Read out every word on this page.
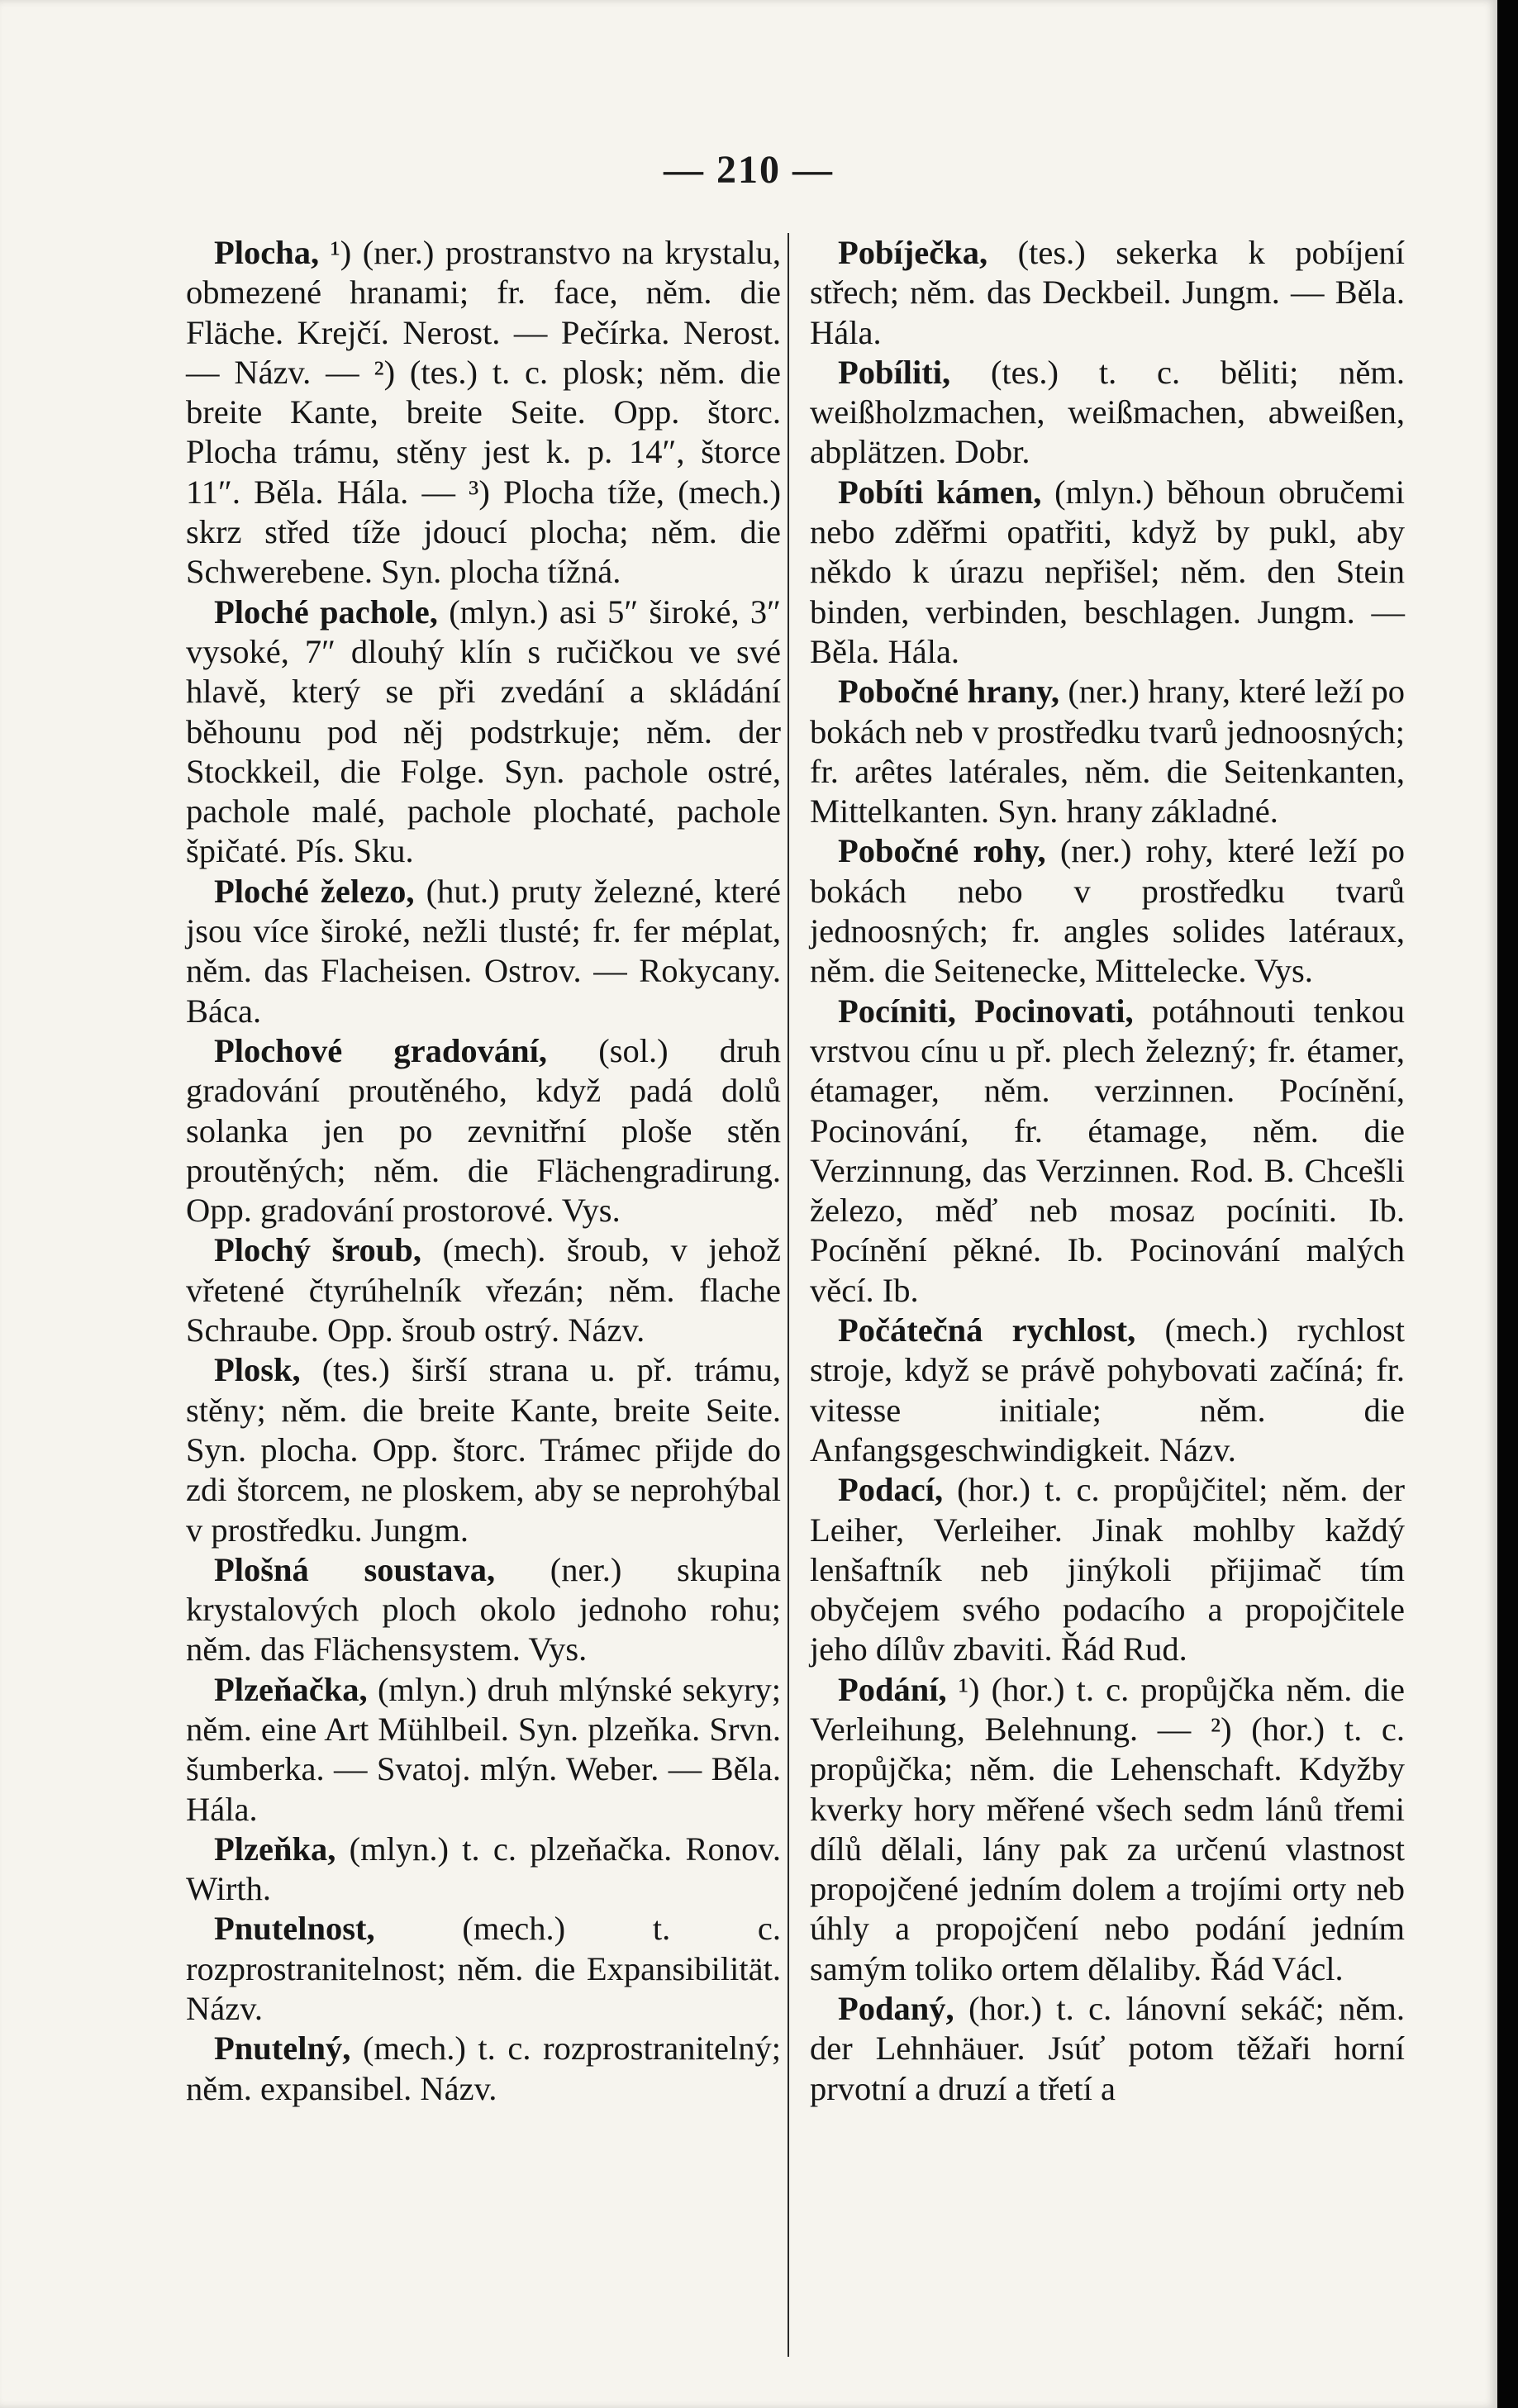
— 210 —

Plocha, ¹) (ner.) prostranstvo na krystalu, obmezené hranami; fr. face, něm. die Fläche. Krejčí. Nerost. — Pečírka. Nerost. — Názv. — ²) (tes.) t. c. plosk; něm. die breite Kante, breite Seite. Opp. štorc. Plocha trámu, stěny jest k. p. 14″, štorce 11″. Běla. Hála. — ³) Plocha tíže, (mech.) skrz střed tíže jdoucí plocha; něm. die Schwerebene. Syn. plocha tížná.

Ploché pachole, (mlyn.) asi 5″ široké, 3″ vysoké, 7″ dlouhý klín s ručičkou ve své hlavě, který se při zvedání a skládání běhounu pod něj podstrkuje; něm. der Stockkeil, die Folge. Syn. pachole ostré, pachole malé, pachole plochaté, pachole špičaté. Pís. Sku.

Ploché železo, (hut.) pruty železné, které jsou více široké, nežli tlusté; fr. fer méplat, něm. das Flacheisen. Ostrov. — Rokycany. Báca.

Plochové gradování, (sol.) druh gradování proutěného, když padá dolů solanka jen po zevnitřní ploše stěn proutěných; něm. die Flächengradirung. Opp. gradování prostorové. Vys.

Plochý šroub, (mech). šroub, v jehož vřetené čtyrúhelník vřezán; něm. flache Schraube. Opp. šroub ostrý. Názv.

Plosk, (tes.) širší strana u. př. trámu, stěny; něm. die breite Kante, breite Seite. Syn. plocha. Opp. štorc. Trámec přijde do zdi štorcem, ne ploskem, aby se neprohýbal v prostředku. Jungm.

Plošná soustava, (ner.) skupina krystalových ploch okolo jednoho rohu; něm. das Flächensystem. Vys.

Plzeňačka, (mlyn.) druh mlýnské sekyry; něm. eine Art Mühlbeil. Syn. plzeňka. Srvn. šumberka. — Svatoj. mlýn. Weber. — Běla. Hála.

Plzeňka, (mlyn.) t. c. plzeňačka. Ronov. Wirth.

Pnutelnost,	(mech.) t. c. rozprostranitelnost; něm. die Expansibilität. Názv.

Pnutelný, (mech.) t. c. rozprostranitelný; něm. expansibel. Názv.

Pobíječka, (tes.) sekerka k pobíjení střech; něm. das Deckbeil. Jungm. — Běla. Hála.

Pobíliti, (tes.) t. c. běliti; něm. weißholzmachen, weißmachen, abweißen, abplätzen. Dobr.

Pobíti kámen, (mlyn.) běhoun obručemi nebo zděřmi opatřiti, když by pukl, aby někdo k úrazu nepřišel; něm. den Stein binden, verbinden, beschlagen. Jungm. — Běla. Hála.

Pobočné hrany, (ner.) hrany, které leží po bokách neb v prostředku tvarů jednoosných; fr. arêtes latérales, něm. die Seitenkanten, Mittelkanten. Syn. hrany základné.

Pobočné rohy, (ner.) rohy, které leží po bokách nebo v prostředku tvarů jednoosných; fr. angles solides latéraux, něm. die Seitenecke, Mittelecke. Vys.

Pocíniti, Pocinovati, potáhnouti tenkou vrstvou cínu u př. plech železný; fr. étamer, étamager, něm. verzinnen. Pocínění, Pocinování, fr. étamage, něm. die Verzinnung, das Verzinnen. Rod. B. Chcešli železo, měď neb mosaz pocíniti. Ib. Pocínění pěkné. Ib. Pocinování malých věcí. Ib.

Počátečná rychlost, (mech.) rychlost stroje, když se právě pohybovati začíná; fr. vitesse initiale; něm. die Anfangsgeschwindigkeit. Názv.

Podací, (hor.) t. c. propůjčitel; něm. der Leiher, Verleiher. Jinak mohlby každý lenšaftník neb jinýkoli přijimač tím obyčejem svého podacího a propojčitele jeho dílův zbaviti. Řád Rud.

Podání, ¹) (hor.) t. c. propůjčka něm. die Verleihung, Belehnung. — ²) (hor.) t. c. propůjčka; něm. die Lehenschaft. Kdyžby kverky hory měřené všech sedm lánů třemi dílů dělali, lány pak za určenú vlastnost propojčené jedním dolem a trojími orty neb úhly a propojčení nebo podání jedním samým toliko ortem dělaliby. Řád Václ.

Podaný, (hor.) t. c. lánovní sekáč; něm. der Lehnhäuer. Jsúť potom těžaři horní prvotní a druzí a třetí a
